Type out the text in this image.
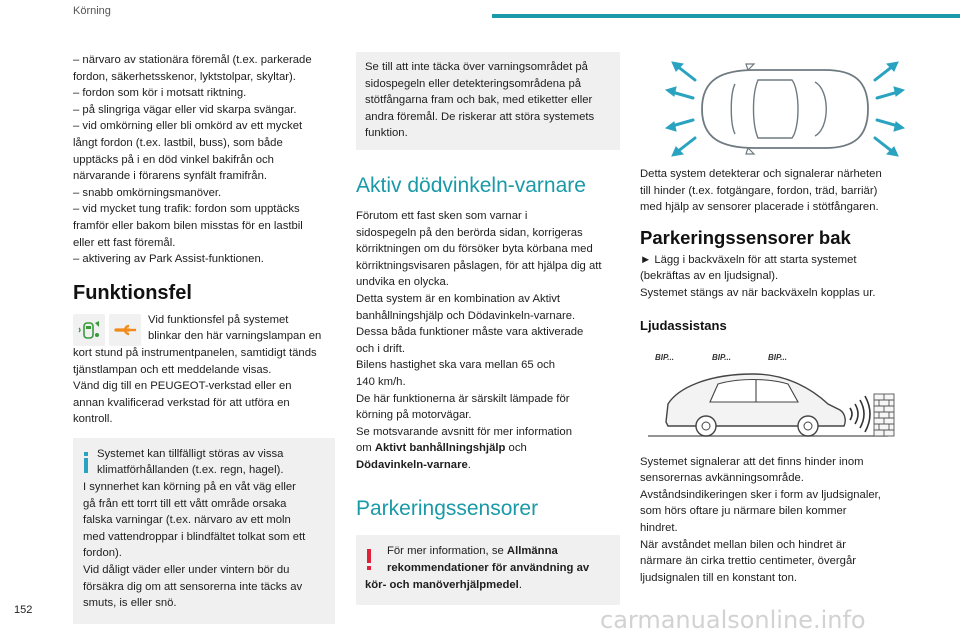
Körning
– närvaro av stationära föremål (t.ex. parkerade
fordon, säkerhetsskenor, lyktstolpar, skyltar).
– fordon som kör i motsatt riktning.
– på slingriga vägar eller vid skarpa svängar.
– vid omkörning eller bli omkörd av ett mycket
långt fordon (t.ex. lastbil, buss), som både
upptäcks på i en död vinkel bakifrån och
närvarande i förarens synfält framifrån.
– snabb omkörningsmanöver.
– vid mycket tung trafik: fordon som upptäcks
framför eller bakom bilen misstas för en lastbil
eller ett fast föremål.
– aktivering av Park Assist-funktionen.
Funktionsfel
Vid funktionsfel på systemet
blinkar den här varningslampan en
kort stund på instrumentpanelen, samtidigt tänds
tjänstlampan och ett meddelande visas.
Vänd dig till en PEUGEOT-verkstad eller en
annan kvalificerad verkstad för att utföra en
kontroll.
Systemet kan tillfälligt störas av vissa
klimatförhållanden (t.ex. regn, hagel).
I synnerhet kan körning på en våt väg eller
gå från ett torrt till ett vått område orsaka
falska varningar (t.ex. närvaro av ett moln
med vattendroppar i blindfältet tolkat som ett
fordon).
Vid dåligt väder eller under vintern bör du
försäkra dig om att sensorerna inte täcks av
smuts, is eller snö.
Se till att inte täcka över varningsområdet på
sidospegeln eller detekteringsområdena på
stötfångarna fram och bak, med etiketter eller
andra föremål. De riskerar att störa systemets
funktion.
Aktiv dödvinkeln-varnare
Förutom ett fast sken som varnar i
sidospegeln på den berörda sidan, korrigeras
körriktningen om du försöker byta körbana med
körriktningsvisaren påslagen, för att hjälpa dig att
undvika en olycka.
Detta system är en kombination av Aktivt
banhållningshjälp och Dödavinkeln-varnare.
Dessa båda funktioner måste vara aktiverade
och i drift.
Bilens hastighet ska vara mellan 65 och
140 km/h.
De här funktionerna är särskilt lämpade för
körning på motorvägar.
Se motsvarande avsnitt för mer information
om Aktivt banhållningshjälp och
Dödavinkeln-varnare.
Parkeringssensorer
För mer information, se Allmänna
rekommendationer för användning av
kör- och manöverhjälpmedel.
Detta system detekterar och signalerar närheten
till hinder (t.ex. fotgängare, fordon, träd, barriär)
med hjälp av sensorer placerade i stötfångaren.
Parkeringssensorer bak
► Lägg i backväxeln för att starta systemet
(bekräftas av en ljudsignal).
Systemet stängs av när backväxeln kopplas ur.
Ljudassistans
BIP...	BIP...	BIP...
Systemet signalerar att det finns hinder inom
sensorernas avkänningsområde.
Avståndsindikeringen sker i form av ljudsignaler,
som hörs oftare ju närmare bilen kommer
hindret.
När avståndet mellan bilen och hindret är
närmare än cirka trettio centimeter, övergår
ljudsignalen till en konstant ton.
152	carmanualsonline.info
